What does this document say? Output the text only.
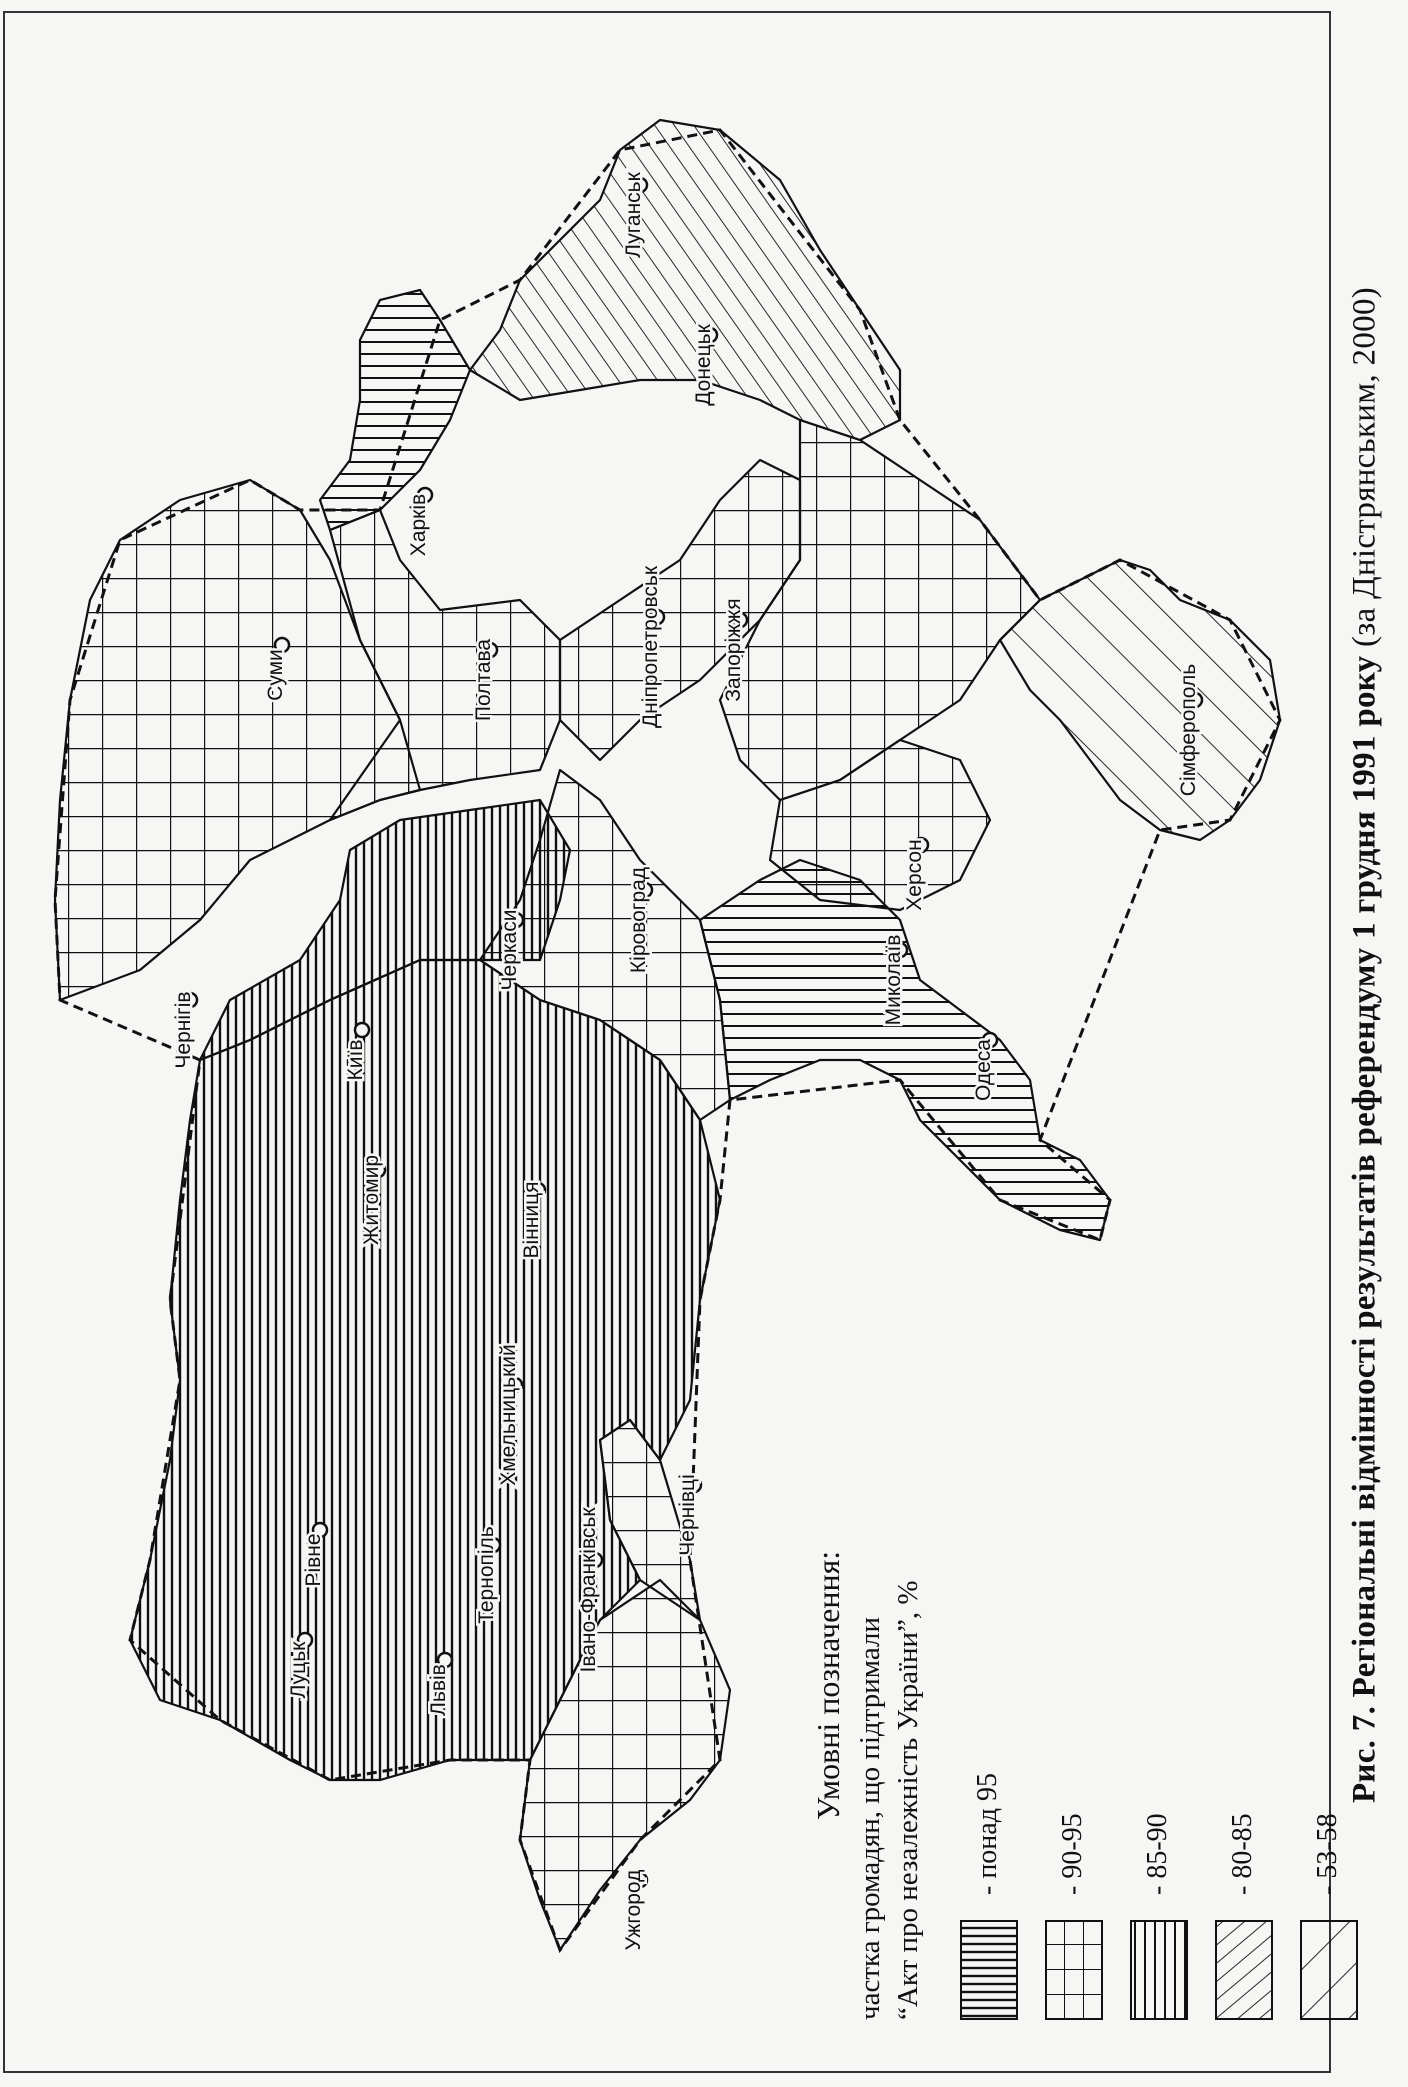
Ужгород
Львів
Луцьк
Рівне	Тернопіль	Івано-Франківськ	Чернівці
Хмельницький
Житомир	Вінниця
Київ
Черкаси
Чернігів
Суми	Полтава
Кіровоград
Одеса
Миколаїв
Херсон
Дніпропетровськ	Запоріжжя
Харків
Донецьк
Луганськ
Сімферополь
Умовні позначення: частка громадян, що підтримали “Акт про незалежність України”, % - понад 95 - 90-95 - 85-90 - 80-85 - 53-58
Рис. 7. Регіональні відмінності результатів референдуму 1 грудня 1991 року (за Дністрянським, 2000)
